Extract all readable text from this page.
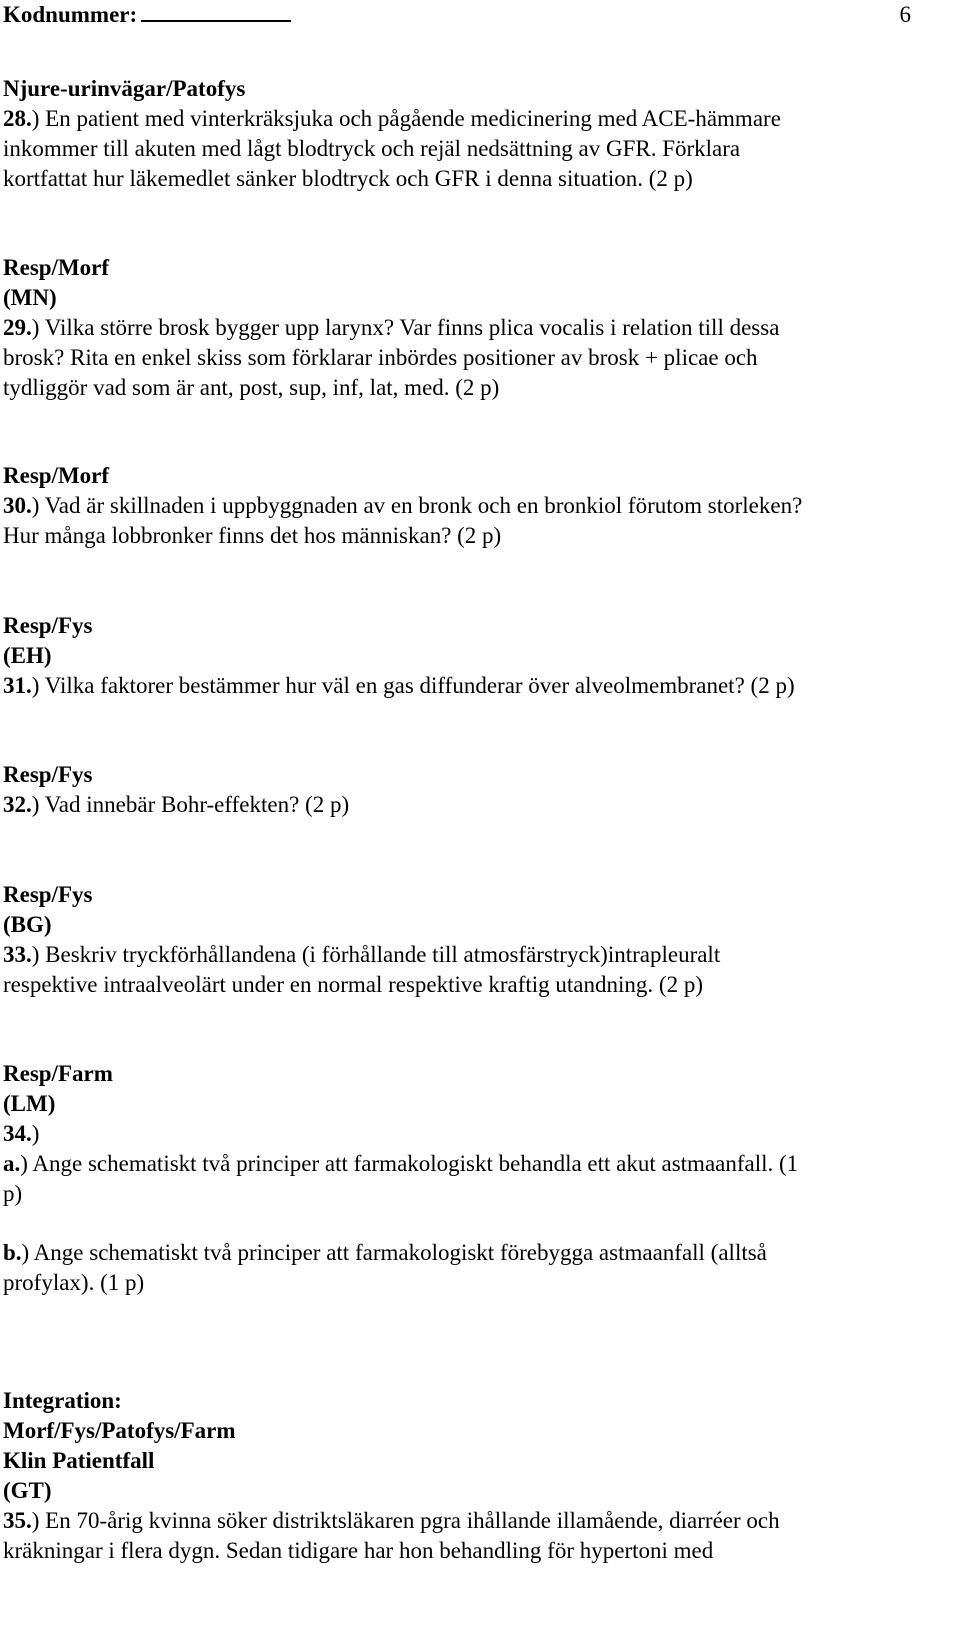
Kodnummer:	6
Njure-urinvägar/Patofys
28.) En patient med vinterkräksjuka och pågående medicinering med ACE-hämmare
inkommer till akuten med lågt blodtryck och rejäl nedsättning av GFR. Förklara
kortfattat hur läkemedlet sänker blodtryck och GFR i denna situation. (2 p)
Resp/Morf
(MN)
29.) Vilka större brosk bygger upp larynx? Var finns plica vocalis i relation till dessa
brosk? Rita en enkel skiss som förklarar inbördes positioner av brosk + plicae och
tydliggör vad som är ant, post, sup, inf, lat, med. (2 p)
Resp/Morf
30.) Vad är skillnaden i uppbyggnaden av en bronk och en bronkiol förutom storleken?
Hur många lobbronker finns det hos människan? (2 p)
Resp/Fys
(EH)
31.) Vilka faktorer bestämmer hur väl en gas diffunderar över alveolmembranet? (2 p)
Resp/Fys
32.) Vad innebär Bohr-effekten? (2 p)
Resp/Fys
(BG)
33.) Beskriv tryckförhållandena (i förhållande till atmosfärstryck)intrapleuralt
respektive intraalveolärt under en normal respektive kraftig utandning. (2 p)
Resp/Farm
(LM)
34.)
a.) Ange schematiskt två principer att farmakologiskt behandla ett akut astmaanfall. (1
p)
b.) Ange schematiskt två principer att farmakologiskt förebygga astmaanfall (alltså
profylax). (1 p)
Integration:
Morf/Fys/Patofys/Farm
Klin Patientfall
(GT)
35.) En 70-årig kvinna söker distriktsläkaren pgra ihållande illamående, diarréer och
kräkningar i flera dygn. Sedan tidigare har hon behandling för hypertoni med
